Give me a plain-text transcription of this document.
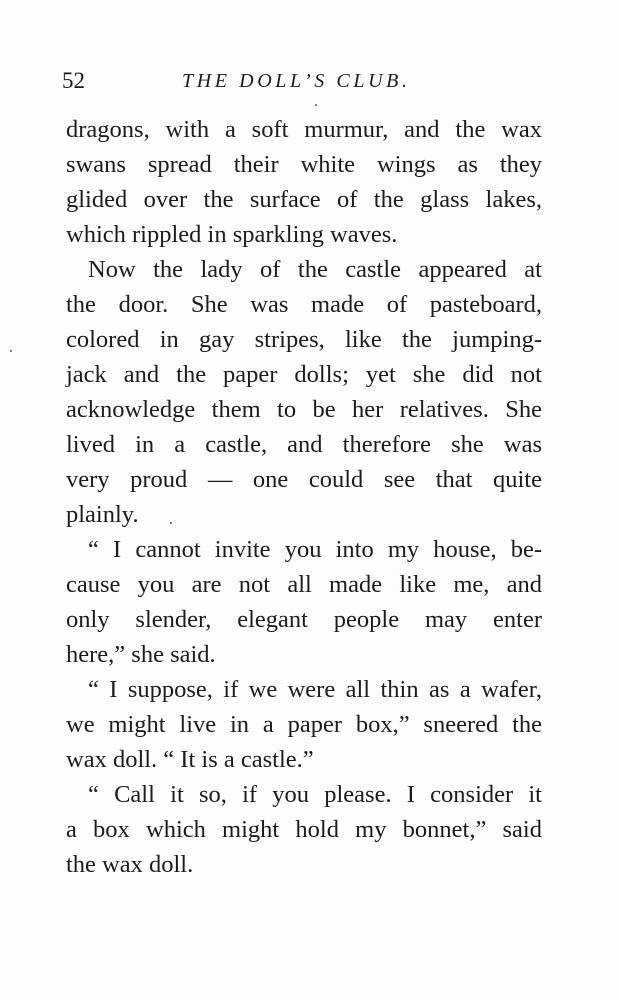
52	THE DOLL’S CLUB.
dragons, with a soft murmur, and the wax
swans spread their white wings as they
glided over the surface of the glass lakes,
which rippled in sparkling waves.
Now the lady of the castle appeared at
the door. She was made of pasteboard,
colored in gay stripes, like the jumping-
jack and the paper dolls; yet she did not
acknowledge them to be her relatives. She
lived in a castle, and therefore she was
very proud — one could see that quite
plainly.
“ I cannot invite you into my house, be-
cause you are not all made like me, and
only slender, elegant people may enter
here,” she said.
“ I suppose, if we were all thin as a wafer,
we might live in a paper box,” sneered the
wax doll. “ It is a castle.”
“ Call it so, if you please. I consider it
a box which might hold my bonnet,” said
the wax doll.
